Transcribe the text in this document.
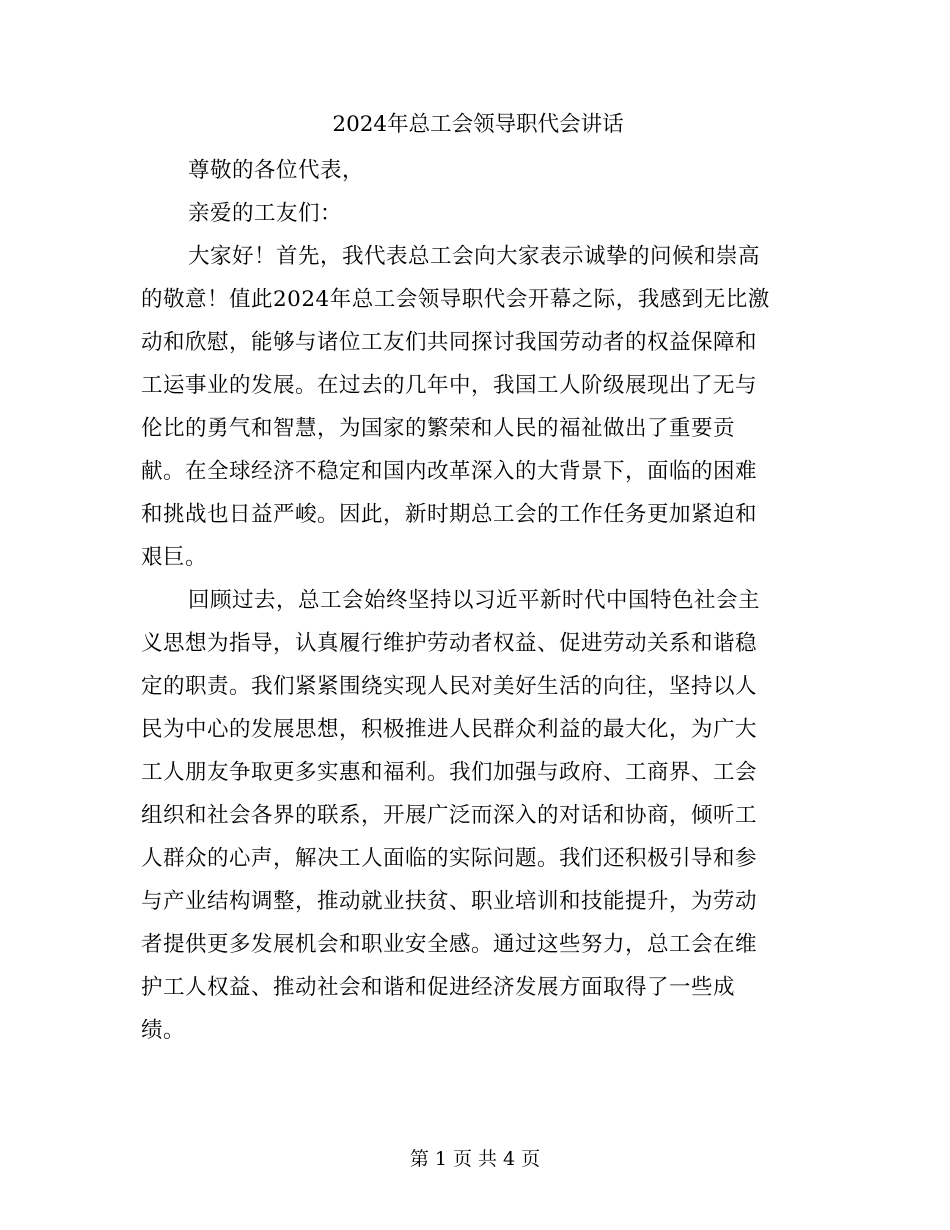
2024年总工会领导职代会讲话

尊敬的各位代表，

亲爱的工友们：

大家好！首先，我代表总工会向大家表示诚挚的问候和崇高
的敬意！值此2024年总工会领导职代会开幕之际，我感到无比激
动和欣慰，能够与诸位工友们共同探讨我国劳动者的权益保障和
工运事业的发展。在过去的几年中，我国工人阶级展现出了无与
伦比的勇气和智慧，为国家的繁荣和人民的福祉做出了重要贡
献。在全球经济不稳定和国内改革深入的大背景下，面临的困难
和挑战也日益严峻。因此，新时期总工会的工作任务更加紧迫和
艰巨。

回顾过去，总工会始终坚持以习近平新时代中国特色社会主
义思想为指导，认真履行维护劳动者权益、促进劳动关系和谐稳
定的职责。我们紧紧围绕实现人民对美好生活的向往，坚持以人
民为中心的发展思想，积极推进人民群众利益的最大化，为广大
工人朋友争取更多实惠和福利。我们加强与政府、工商界、工会
组织和社会各界的联系，开展广泛而深入的对话和协商，倾听工
人群众的心声，解决工人面临的实际问题。我们还积极引导和参
与产业结构调整，推动就业扶贫、职业培训和技能提升，为劳动
者提供更多发展机会和职业安全感。通过这些努力，总工会在维
护工人权益、推动社会和谐和促进经济发展方面取得了一些成
绩。

第 1 页 共 4 页
